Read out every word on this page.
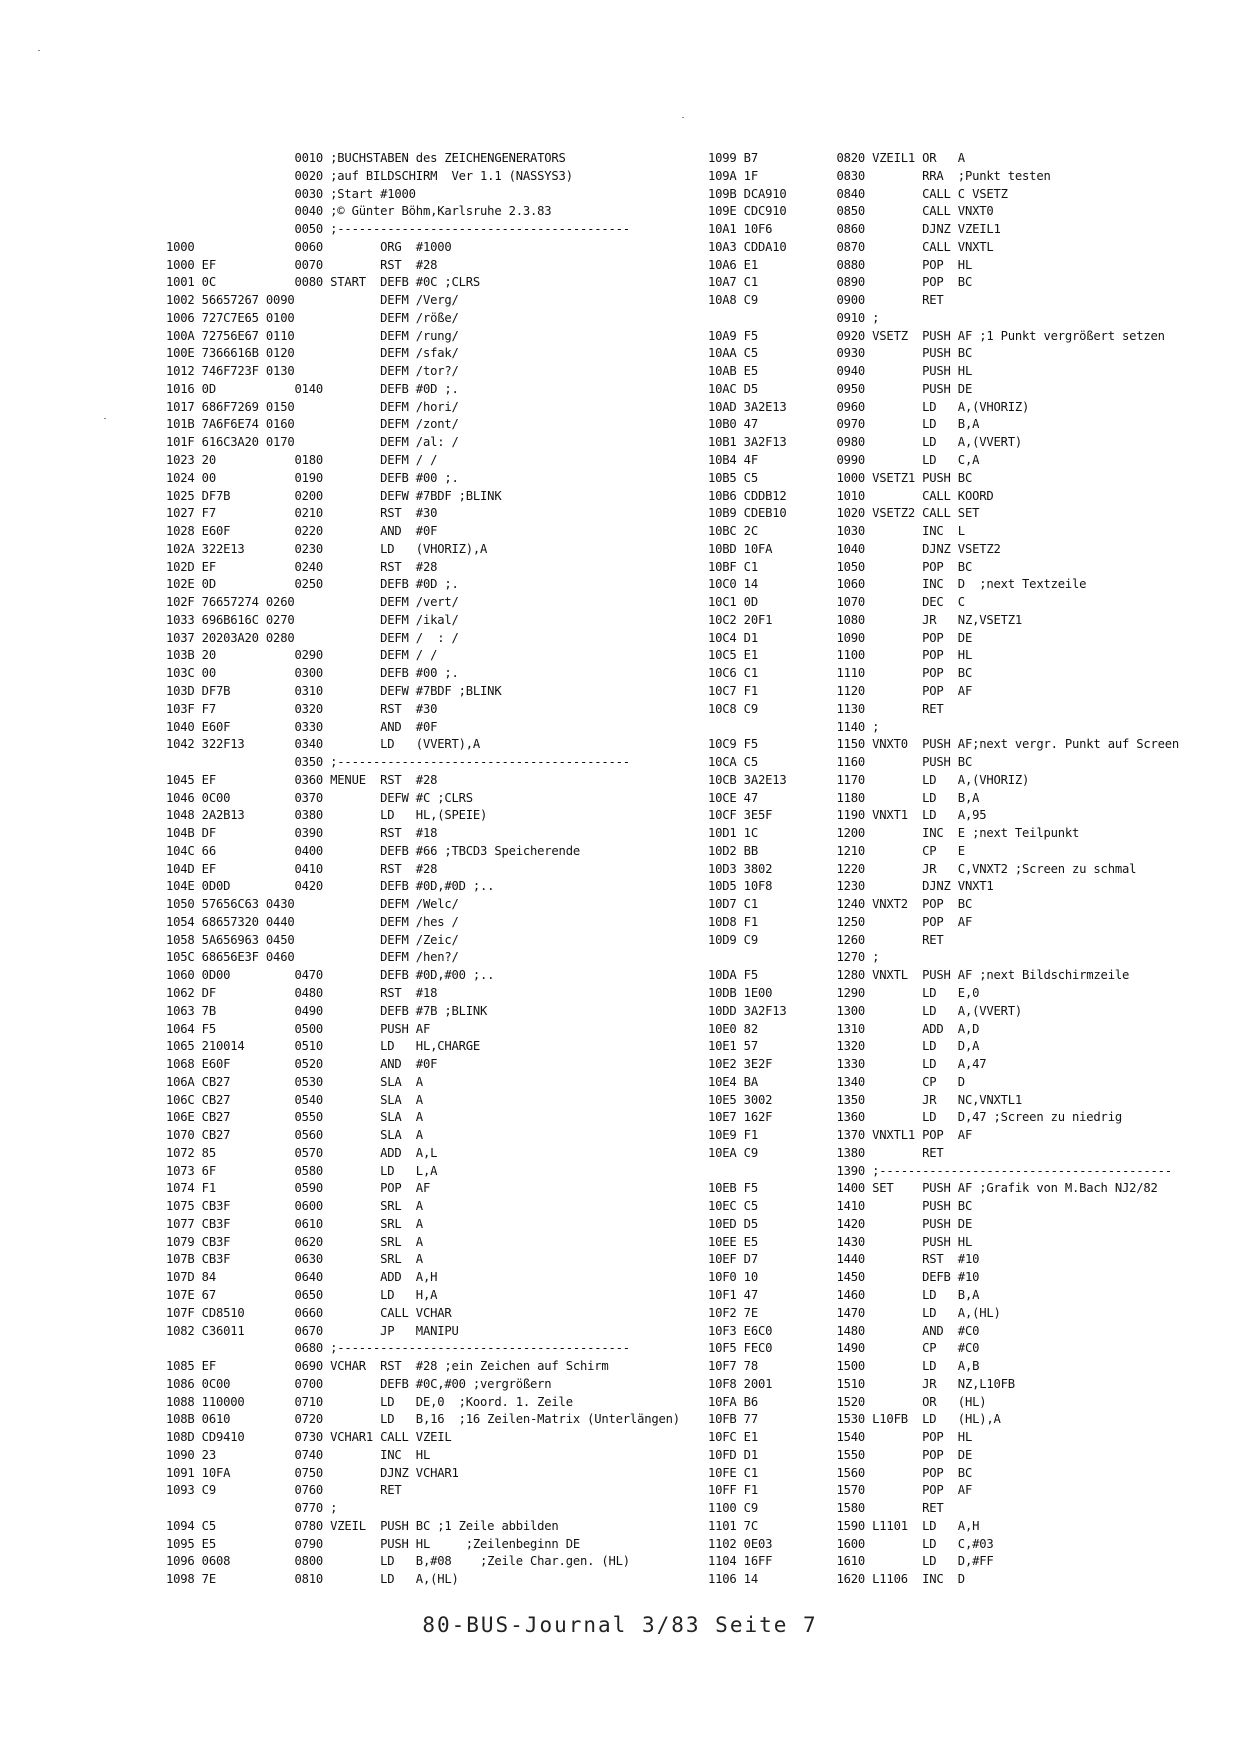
0010 ;BUCHSTABEN des ZEICHENGENERATORS
0020 ;auf BILDSCHIRM  Ver 1.1 (NASSYS3)
0030 ;Start #1000
0040 ;© Günter Böhm,Karlsruhe 2.3.83
0050 ;-----------------------------------------
1000              0060        ORG  #1000
1000 EF           0070        RST  #28
1001 0C           0080 START  DEFB #0C ;CLRS
1002 56657267 0090            DEFM /Verg/
1006 727C7E65 0100            DEFM /röße/
100A 72756E67 0110            DEFM /rung/
100E 7366616B 0120            DEFM /sfak/
1012 746F723F 0130            DEFM /tor?/
1016 0D           0140        DEFB #0D ;.
1017 686F7269 0150            DEFM /hori/
101B 7A6F6E74 0160            DEFM /zont/
101F 616C3A20 0170            DEFM /al: /
1023 20           0180        DEFM / /
1024 00           0190        DEFB #00 ;.
1025 DF7B         0200        DEFW #7BDF ;BLINK
1027 F7           0210        RST  #30
1028 E60F         0220        AND  #0F
102A 322E13       0230        LD   (VHORIZ),A
102D EF           0240        RST  #28
102E 0D           0250        DEFB #0D ;.
102F 76657274 0260            DEFM /vert/
1033 696B616C 0270            DEFM /ikal/
1037 20203A20 0280            DEFM /  : /
103B 20           0290        DEFM / /
103C 00           0300        DEFB #00 ;.
103D DF7B         0310        DEFW #7BDF ;BLINK
103F F7           0320        RST  #30
1040 E60F         0330        AND  #0F
1042 322F13       0340        LD   (VVERT),A
0350 ;-----------------------------------------
1045 EF           0360 MENUE  RST  #28
1046 0C00         0370        DEFW #C ;CLRS
1048 2A2B13       0380        LD   HL,(SPEIE)
104B DF           0390        RST  #18
104C 66           0400        DEFB #66 ;TBCD3 Speicherende
104D EF           0410        RST  #28
104E 0D0D         0420        DEFB #0D,#0D ;..
1050 57656C63 0430            DEFM /Welc/
1054 68657320 0440            DEFM /hes /
1058 5A656963 0450            DEFM /Zeic/
105C 68656E3F 0460            DEFM /hen?/
1060 0D00         0470        DEFB #0D,#00 ;..
1062 DF           0480        RST  #18
1063 7B           0490        DEFB #7B ;BLINK
1064 F5           0500        PUSH AF
1065 210014       0510        LD   HL,CHARGE
1068 E60F         0520        AND  #0F
106A CB27         0530        SLA  A
106C CB27         0540        SLA  A
106E CB27         0550        SLA  A
1070 CB27         0560        SLA  A
1072 85           0570        ADD  A,L
1073 6F           0580        LD   L,A
1074 F1           0590        POP  AF
1075 CB3F         0600        SRL  A
1077 CB3F         0610        SRL  A
1079 CB3F         0620        SRL  A
107B CB3F         0630        SRL  A
107D 84           0640        ADD  A,H
107E 67           0650        LD   H,A
107F CD8510       0660        CALL VCHAR
1082 C36011       0670        JP   MANIPU
0680 ;-----------------------------------------
1085 EF           0690 VCHAR  RST  #28 ;ein Zeichen auf Schirm
1086 0C00         0700        DEFB #0C,#00 ;vergrößern
1088 110000       0710        LD   DE,0  ;Koord. 1. Zeile
108B 0610         0720        LD   B,16  ;16 Zeilen-Matrix (Unterlängen)
108D CD9410       0730 VCHAR1 CALL VZEIL
1090 23           0740        INC  HL
1091 10FA         0750        DJNZ VCHAR1
1093 C9           0760        RET
0770 ;
1094 C5           0780 VZEIL  PUSH BC ;1 Zeile abbilden
1095 E5           0790        PUSH HL     ;Zeilenbeginn DE
1096 0608         0800        LD   B,#08    ;Zeile Char.gen. (HL)
1098 7E           0810        LD   A,(HL)
1099 B7           0820 VZEIL1 OR   A
109A 1F           0830        RRA  ;Punkt testen
109B DCA910       0840        CALL C VSETZ
109E CDC910       0850        CALL VNXT0
10A1 10F6         0860        DJNZ VZEIL1
10A3 CDDA10       0870        CALL VNXTL
10A6 E1           0880        POP  HL
10A7 C1           0890        POP  BC
10A8 C9           0900        RET
0910 ;
10A9 F5           0920 VSETZ  PUSH AF ;1 Punkt vergrößert setzen
10AA C5           0930        PUSH BC
10AB E5           0940        PUSH HL
10AC D5           0950        PUSH DE
10AD 3A2E13       0960        LD   A,(VHORIZ)
10B0 47           0970        LD   B,A
10B1 3A2F13       0980        LD   A,(VVERT)
10B4 4F           0990        LD   C,A
10B5 C5           1000 VSETZ1 PUSH BC
10B6 CDDB12       1010        CALL KOORD
10B9 CDEB10       1020 VSETZ2 CALL SET
10BC 2C           1030        INC  L
10BD 10FA         1040        DJNZ VSETZ2
10BF C1           1050        POP  BC
10C0 14           1060        INC  D  ;next Textzeile
10C1 0D           1070        DEC  C
10C2 20F1         1080        JR   NZ,VSETZ1
10C4 D1           1090        POP  DE
10C5 E1           1100        POP  HL
10C6 C1           1110        POP  BC
10C7 F1           1120        POP  AF
10C8 C9           1130        RET
1140 ;
10C9 F5           1150 VNXT0  PUSH AF;next vergr. Punkt auf Screen
10CA C5           1160        PUSH BC
10CB 3A2E13       1170        LD   A,(VHORIZ)
10CE 47           1180        LD   B,A
10CF 3E5F         1190 VNXT1  LD   A,95
10D1 1C           1200        INC  E ;next Teilpunkt
10D2 BB           1210        CP   E
10D3 3802         1220        JR   C,VNXT2 ;Screen zu schmal
10D5 10F8         1230        DJNZ VNXT1
10D7 C1           1240 VNXT2  POP  BC
10D8 F1           1250        POP  AF
10D9 C9           1260        RET
1270 ;
10DA F5           1280 VNXTL  PUSH AF ;next Bildschirmzeile
10DB 1E00         1290        LD   E,0
10DD 3A2F13       1300        LD   A,(VVERT)
10E0 82           1310        ADD  A,D
10E1 57           1320        LD   D,A
10E2 3E2F         1330        LD   A,47
10E4 BA           1340        CP   D
10E5 3002         1350        JR   NC,VNXTL1
10E7 162F         1360        LD   D,47 ;Screen zu niedrig
10E9 F1           1370 VNXTL1 POP  AF
10EA C9           1380        RET
1390 ;-----------------------------------------
10EB F5           1400 SET    PUSH AF ;Grafik von M.Bach NJ2/82
10EC C5           1410        PUSH BC
10ED D5           1420        PUSH DE
10EE E5           1430        PUSH HL
10EF D7           1440        RST  #10
10F0 10           1450        DEFB #10
10F1 47           1460        LD   B,A
10F2 7E           1470        LD   A,(HL)
10F3 E6C0         1480        AND  #C0
10F5 FEC0         1490        CP   #C0
10F7 78           1500        LD   A,B
10F8 2001         1510        JR   NZ,L10FB
10FA B6           1520        OR   (HL)
10FB 77           1530 L10FB  LD   (HL),A
10FC E1           1540        POP  HL
10FD D1           1550        POP  DE
10FE C1           1560        POP  BC
10FF F1           1570        POP  AF
1100 C9           1580        RET
1101 7C           1590 L1101  LD   A,H
1102 0E03         1600        LD   C,#03
1104 16FF         1610        LD   D,#FF
1106 14           1620 L1106  INC  D
80-BUS-Journal 3/83 Seite 7
